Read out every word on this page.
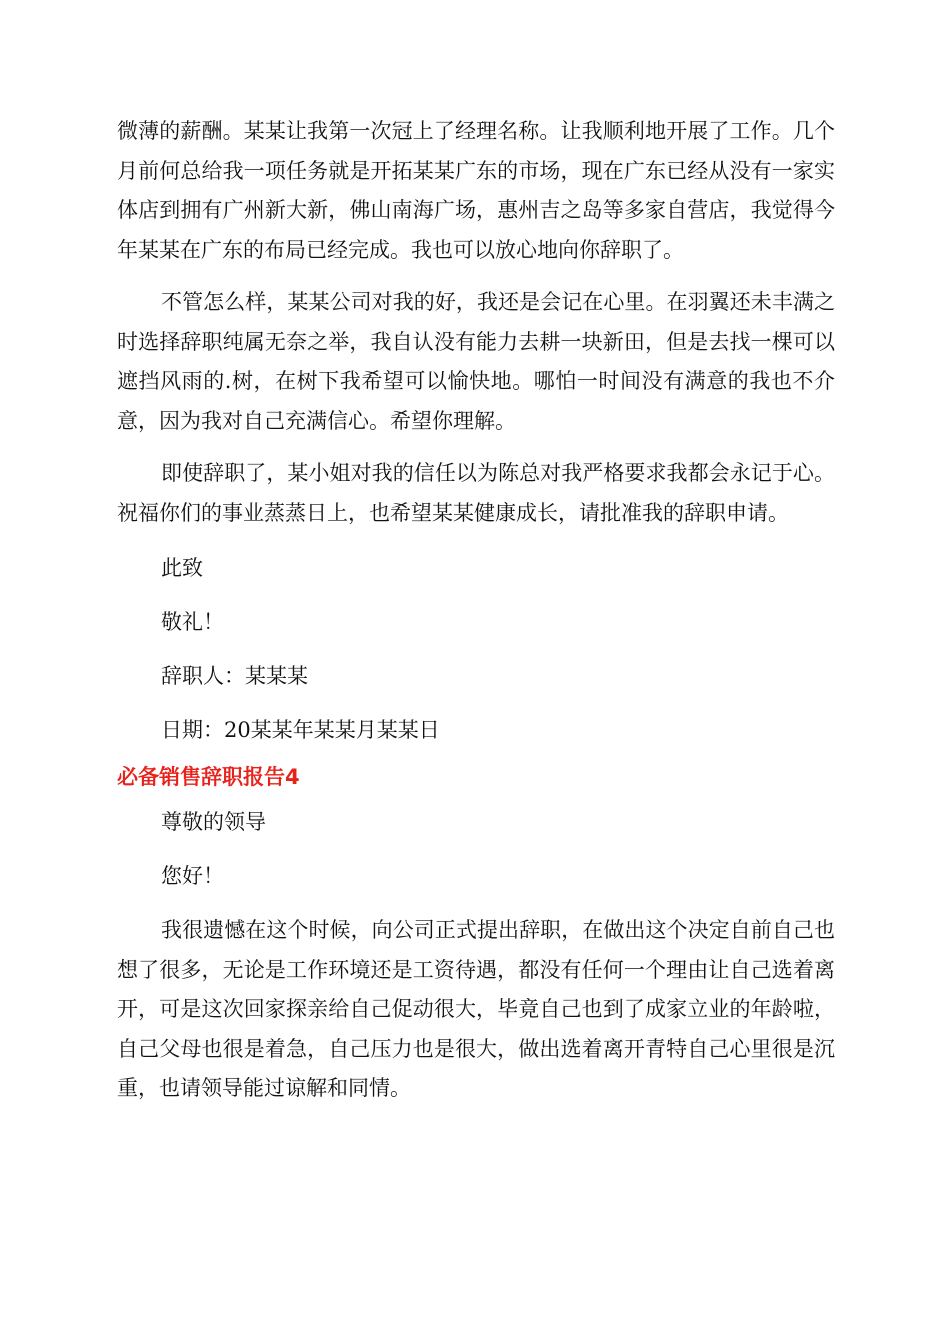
微薄的薪酬。某某让我第一次冠上了经理名称。让我顺利地开展了工作。几个月前何总给我一项任务就是开拓某某广东的市场，现在广东已经从没有一家实体店到拥有广州新大新，佛山南海广场，惠州吉之岛等多家自营店，我觉得今年某某在广东的布局已经完成。我也可以放心地向你辞职了。

不管怎么样，某某公司对我的好，我还是会记在心里。在羽翼还未丰满之时选择辞职纯属无奈之举，我自认没有能力去耕一块新田，但是去找一棵可以遮挡风雨的.树，在树下我希望可以愉快地。哪怕一时间没有满意的我也不介意，因为我对自己充满信心。希望你理解。

即使辞职了，某小姐对我的信任以为陈总对我严格要求我都会永记于心。祝福你们的事业蒸蒸日上，也希望某某健康成长，请批准我的辞职申请。

此致

敬礼！

辞职人：某某某

日期：20某某年某某月某某日

必备销售辞职报告4

尊敬的领导

您好！

我很遗憾在这个时候，向公司正式提出辞职，在做出这个决定自前自己也想了很多，无论是工作环境还是工资待遇，都没有任何一个理由让自己选着离开，可是这次回家探亲给自己促动很大，毕竟自己也到了成家立业的年龄啦，自己父母也很是着急，自己压力也是很大，做出选着离开青特自己心里很是沉重，也请领导能过谅解和同情。
